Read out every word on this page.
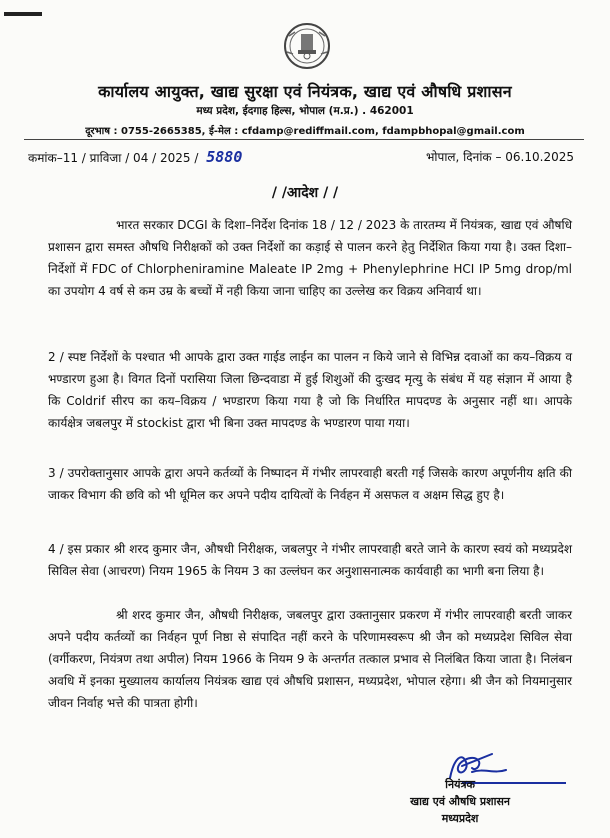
कार्यालय आयुक्त, खाद्य सुरक्षा एवं नियंत्रक, खाद्य एवं औषधि प्रशासन
मध्य प्रदेश, ईदगाह हिल्स, भोपाल (म.प्र.) . 462001
दूरभाष : 0755-2665385, ई-मेल : cfdamp@rediffmail.com, fdampbhopal@gmail.com
कमांक–11 / प्राविजा / 04 / 2025 / 5880	भोपाल, दिनांक – 06.10.2025
/ /आदेश / /
भारत सरकार DCGI के दिशा–निर्देश दिनांक 18 / 12 / 2023 के तारतम्य में नियंत्रक, खाद्य एवं औषधि प्रशासन द्वारा समस्त औषधि निरीक्षकों को उक्त निर्देशों का कड़ाई से पालन करने हेतु निर्देशित किया गया है। उक्त दिशा–निर्देशों में FDC of Chlorpheniramine Maleate IP 2mg + Phenylephrine HCI IP 5mg drop/ml का उपयोग 4 वर्ष से कम उम्र के बच्चों में नही किया जाना चाहिए का उल्लेख कर विक्रय अनिवार्य था।
2 / स्पष्ट निर्देशों के पश्चात भी आपके द्वारा उक्त गाईड लाईन का पालन न किये जाने से विभिन्न दवाओं का कय–विक्रय व भण्डारण हुआ है। विगत दिनों परासिया जिला छिन्दवाडा में हुई शिशुओं की दुःखद मृत्यु के संबंध में यह संज्ञान में आया है कि Coldrif सीरप का कय–विक्रय / भण्डारण किया गया है जो कि निर्धारित मापदण्ड के अनुसार नहीं था। आपके कार्यक्षेत्र जबलपुर में stockist द्वारा भी बिना उक्त मापदण्ड के भण्डारण पाया गया।
3 / उपरोक्तानुसार आपके द्वारा अपने कर्तव्यों के निष्पादन में गंभीर लापरवाही बरती गई जिसके कारण अपूर्णनीय क्षति की जाकर विभाग की छवि को भी धूमिल कर अपने पदीय दायित्वों के निर्वहन में असफल व अक्षम सिद्ध हुए है।
4 / इस प्रकार श्री शरद कुमार जैन, औषधी निरीक्षक, जबलपुर ने गंभीर लापरवाही बरते जाने के कारण स्वयं को मध्यप्रदेश सिविल सेवा (आचरण) नियम 1965 के नियम 3 का उल्लंघन कर अनुशासनात्मक कार्यवाही का भागी बना लिया है।
श्री शरद कुमार जैन, औषधी निरीक्षक, जबलपुर द्वारा उक्तानुसार प्रकरण में गंभीर लापरवाही बरती जाकर अपने पदीय कर्तव्यों का निर्वहन पूर्ण निष्ठा से संपादित नहीं करने के परिणामस्वरूप श्री जैन को मध्यप्रदेश सिविल सेवा (वर्गीकरण, नियंत्रण तथा अपील) नियम 1966 के नियम 9 के अन्तर्गत तत्काल प्रभाव से निलंबित किया जाता है। निलंबन अवधि में इनका मुख्यालय कार्यालय नियंत्रक खाद्य एवं औषधि प्रशासन, मध्यप्रदेश, भोपाल रहेगा। श्री जैन को नियमानुसार जीवन निर्वाह भत्ते की पात्रता होगी।
नियंत्रक
खाद्य एवं औषधि प्रशासन
मध्यप्रदेश
